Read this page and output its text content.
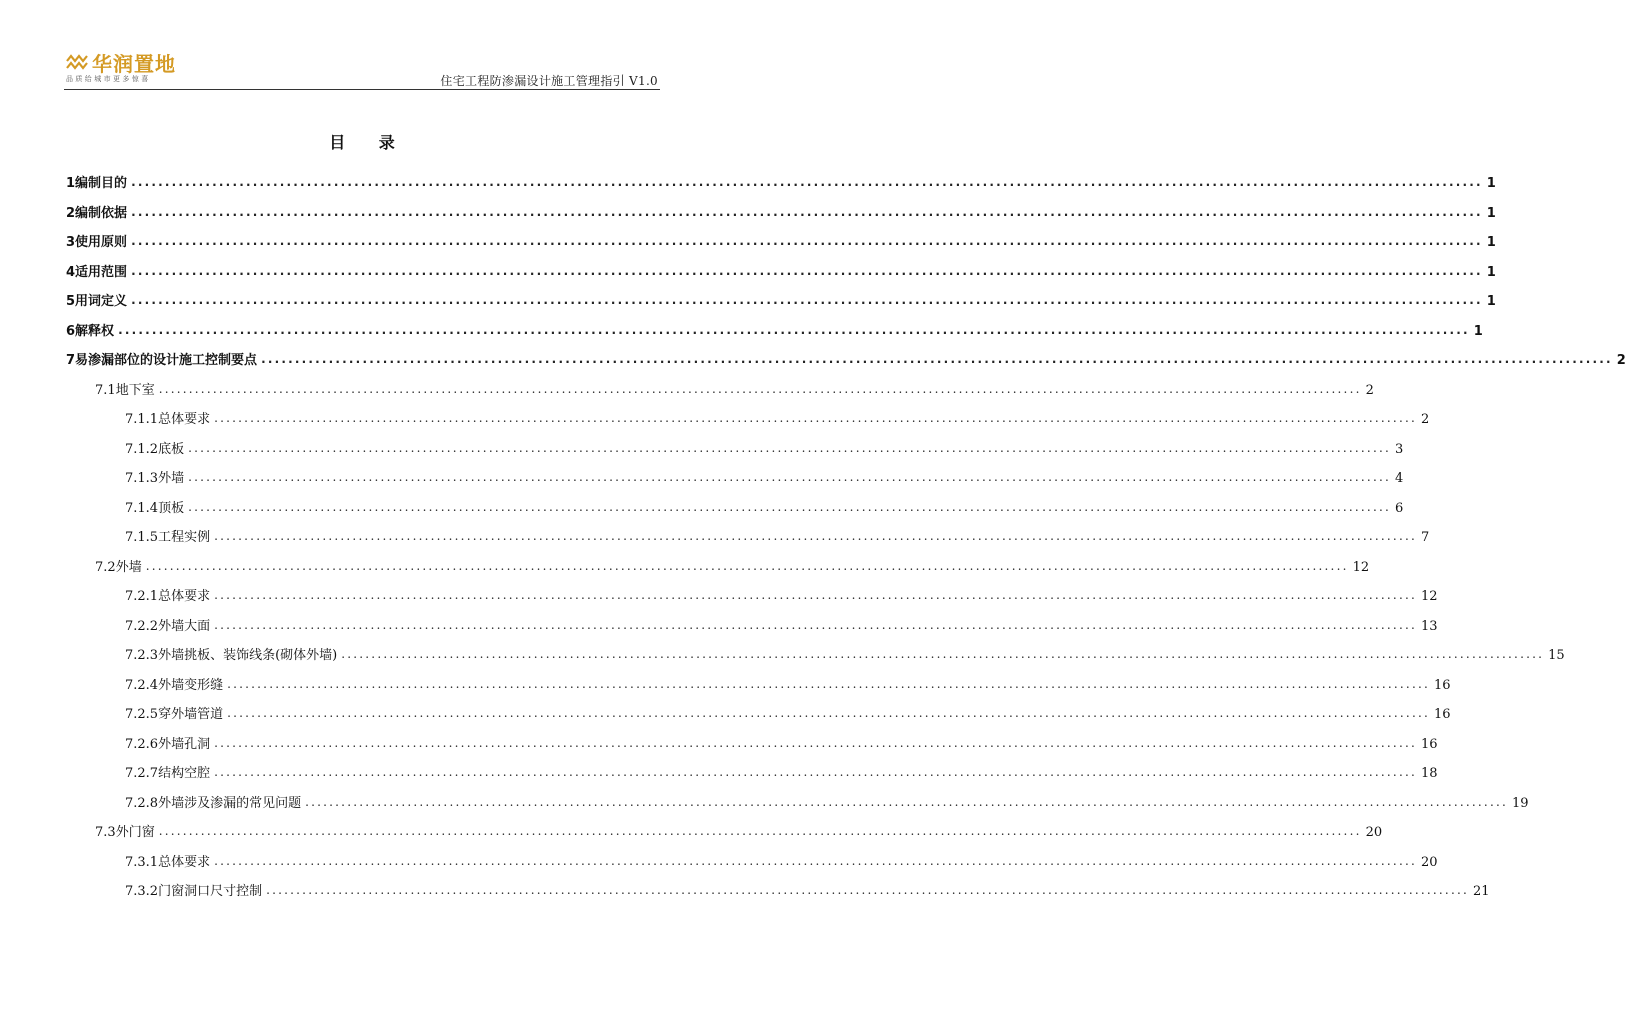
华润置地
品质给城市更多惊喜	住宅工程防渗漏设计施工管理指引 V1.0
目 录
1 编制目的 ........................................................................................................................................................................................................ 1
2 编制依据 ........................................................................................................................................................................................................ 1
3 使用原则 ........................................................................................................................................................................................................ 1
4 适用范围 ........................................................................................................................................................................................................ 1
5 用词定义 ........................................................................................................................................................................................................ 1
6 解释权 ........................................................................................................................................................................................................ 1
7 易渗漏部位的设计施工控制要点 ........................................................................................................................................................................................................ 2
7.1 地下室 ........................................................................................................................................................................................................ 2
7.1.1 总体要求 ........................................................................................................................................................................................................ 2
7.1.2 底板 ........................................................................................................................................................................................................ 3
7.1.3 外墙 ........................................................................................................................................................................................................ 4
7.1.4 顶板 ........................................................................................................................................................................................................ 6
7.1.5 工程实例 ........................................................................................................................................................................................................ 7
7.2 外墙 ........................................................................................................................................................................................................ 12
7.2.1 总体要求 ........................................................................................................................................................................................................ 12
7.2.2 外墙大面 ........................................................................................................................................................................................................ 13
7.2.3 外墙挑板、装饰线条(砌体外墙) ........................................................................................................................................................................................................ 15
7.2.4 外墙变形缝 ........................................................................................................................................................................................................ 16
7.2.5 穿外墙管道 ........................................................................................................................................................................................................ 16
7.2.6 外墙孔洞 ........................................................................................................................................................................................................ 16
7.2.7 结构空腔 ........................................................................................................................................................................................................ 18
7.2.8 外墙涉及渗漏的常见问题 ........................................................................................................................................................................................................ 19
7.3 外门窗 ........................................................................................................................................................................................................ 20
7.3.1 总体要求 ........................................................................................................................................................................................................ 20
7.3.2 门窗洞口尺寸控制 ........................................................................................................................................................................................................ 21
